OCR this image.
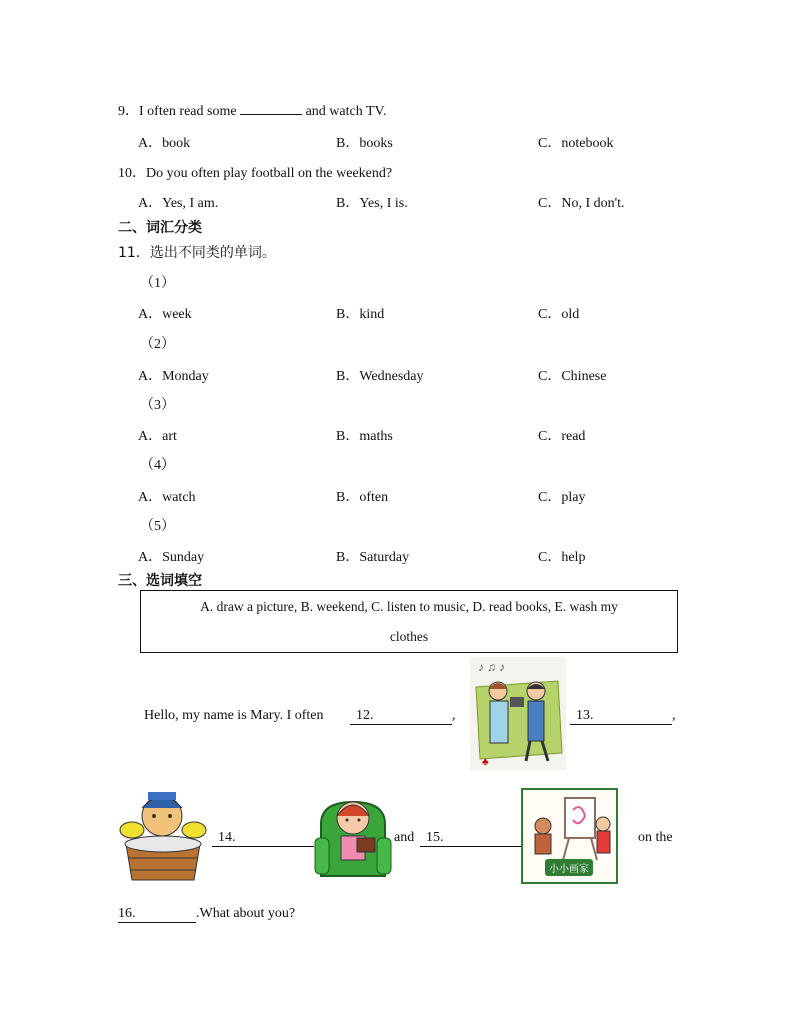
9．I often read some	and watch TV.
A．book	B．books	C．notebook
10．Do you often play football on the weekend?
A．Yes, I am.	B．Yes, I is.	C．No, I don't.
二、词汇分类
11．选出不同类的单词。
（1）
A．week	B．kind	C．old
（2）
A．Monday	B．Wednesday	C．Chinese
（3）
A．art	B．maths	C．read
（4）
A．watch	B．often	C．play
（5）
A．Sunday	B．Saturday	C．help
三、选词填空
A. draw a picture, B. weekend, C. listen to music, D. read books, E. wash my
clothes
Hello, my name is Mary. I often	12.	,
♪ ♫ ♪
♣
13.	,
14.	and 15.
小小画家
on the
16.	.What about you?
